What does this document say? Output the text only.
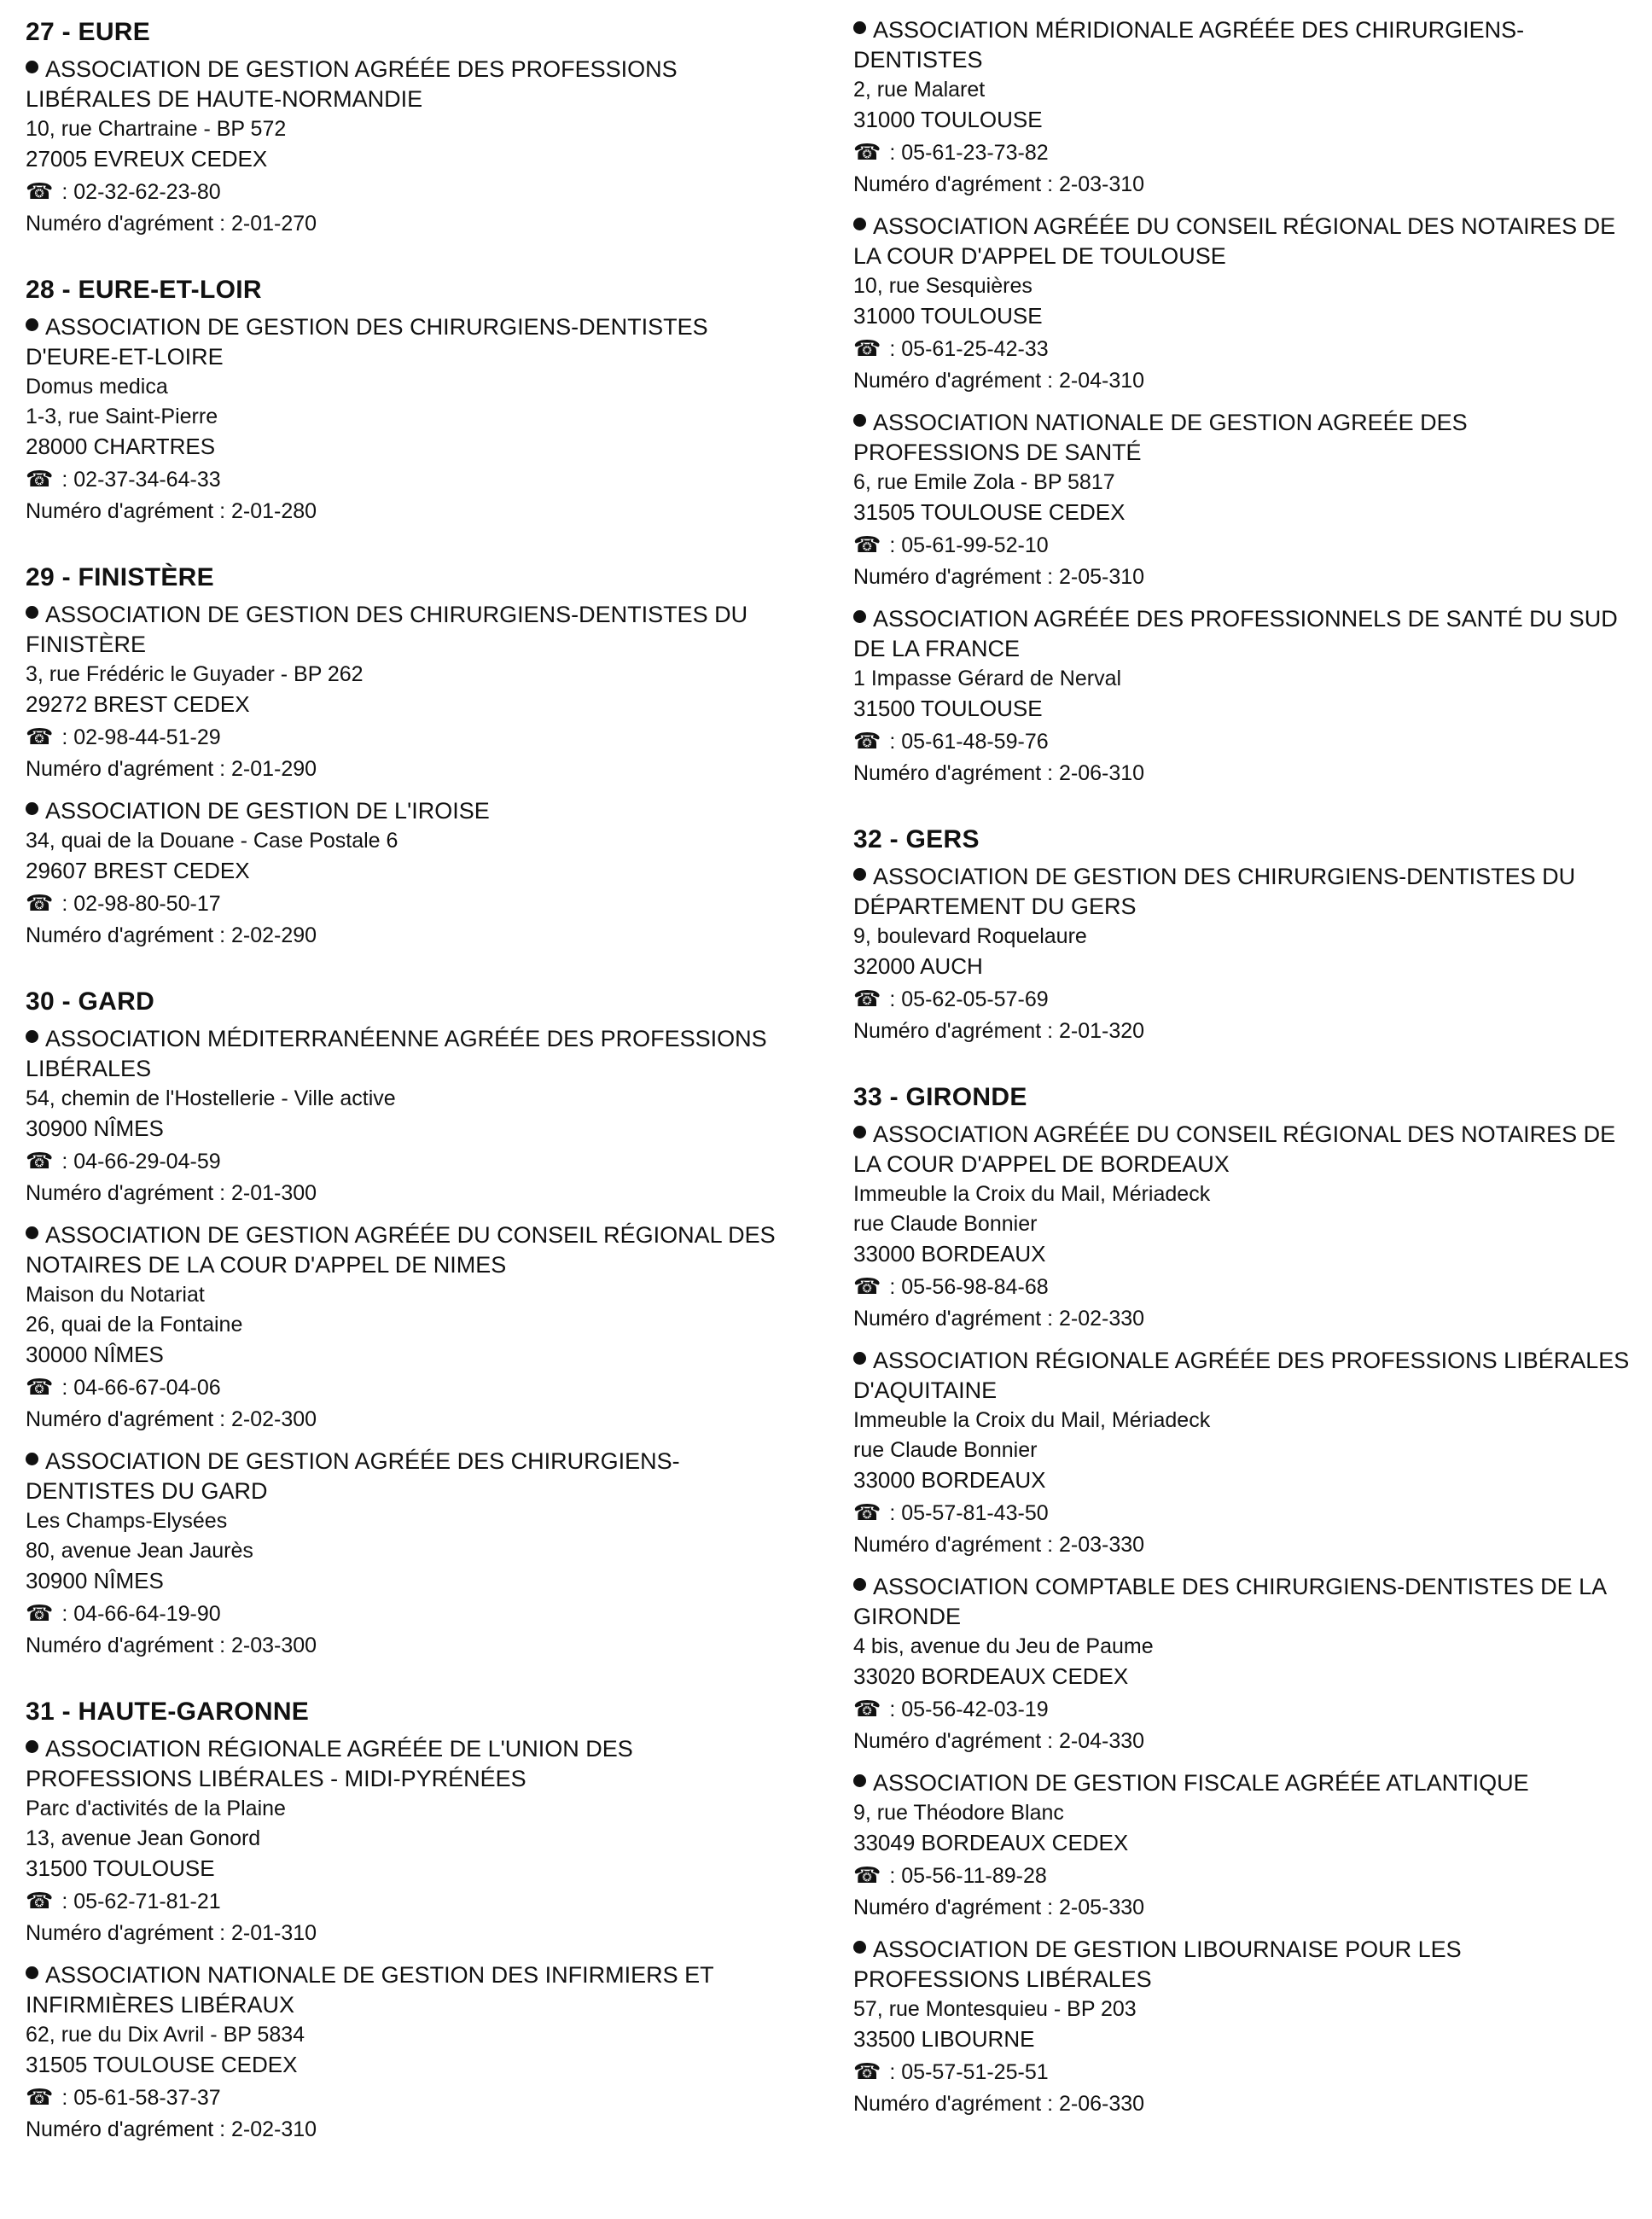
27 - EURE
ASSOCIATION DE GESTION AGRÉÉE DES PROFESSIONS LIBÉRALES DE HAUTE-NORMANDIE
10, rue Chartraine - BP 572
27005 EVREUX CEDEX
☎ : 02-32-62-23-80
Numéro d'agrément : 2-01-270
28 - EURE-ET-LOIR
ASSOCIATION DE GESTION DES CHIRURGIENS-DENTISTES D'EURE-ET-LOIRE
Domus medica
1-3, rue Saint-Pierre
28000 CHARTRES
☎ : 02-37-34-64-33
Numéro d'agrément : 2-01-280
29 - FINISTÈRE
ASSOCIATION DE GESTION DES CHIRURGIENS-DENTISTES DU FINISTÈRE
3, rue Frédéric le Guyader - BP 262
29272 BREST CEDEX
☎ : 02-98-44-51-29
Numéro d'agrément : 2-01-290
ASSOCIATION DE GESTION DE L'IROISE
34, quai de la Douane - Case Postale 6
29607 BREST CEDEX
☎ : 02-98-80-50-17
Numéro d'agrément : 2-02-290
30 - GARD
ASSOCIATION MÉDITERRANÉENNE AGRÉÉE DES PROFESSIONS LIBÉRALES
54, chemin de l'Hostellerie - Ville active
30900 NÎMES
☎ : 04-66-29-04-59
Numéro d'agrément : 2-01-300
ASSOCIATION DE GESTION AGRÉÉE DU CONSEIL RÉGIONAL DES NOTAIRES DE LA COUR D'APPEL DE NIMES
Maison du Notariat
26, quai de la Fontaine
30000 NÎMES
☎ : 04-66-67-04-06
Numéro d'agrément : 2-02-300
ASSOCIATION DE GESTION AGRÉÉE DES CHIRURGIENS-DENTISTES DU GARD
Les Champs-Elysées
80, avenue Jean Jaurès
30900 NÎMES
☎ : 04-66-64-19-90
Numéro d'agrément : 2-03-300
31 - HAUTE-GARONNE
ASSOCIATION RÉGIONALE AGRÉÉE DE L'UNION DES PROFESSIONS LIBÉRALES - MIDI-PYRÉNÉES
Parc d'activités de la Plaine
13, avenue Jean Gonord
31500 TOULOUSE
☎ : 05-62-71-81-21
Numéro d'agrément : 2-01-310
ASSOCIATION NATIONALE DE GESTION DES INFIRMIERS ET INFIRMIÈRES LIBÉRAUX
62, rue du Dix Avril - BP 5834
31505 TOULOUSE CEDEX
☎ : 05-61-58-37-37
Numéro d'agrément : 2-02-310
ASSOCIATION MÉRIDIONALE AGRÉÉE DES CHIRURGIENS-DENTISTES
2, rue Malaret
31000 TOULOUSE
☎ : 05-61-23-73-82
Numéro d'agrément : 2-03-310
ASSOCIATION AGRÉÉE DU CONSEIL RÉGIONAL DES NOTAIRES DE LA COUR D'APPEL DE TOULOUSE
10, rue Sesquières
31000 TOULOUSE
☎ : 05-61-25-42-33
Numéro d'agrément : 2-04-310
ASSOCIATION NATIONALE DE GESTION AGREÉE DES PROFESSIONS DE SANTÉ
6, rue Emile Zola - BP 5817
31505 TOULOUSE CEDEX
☎ : 05-61-99-52-10
Numéro d'agrément : 2-05-310
ASSOCIATION AGRÉÉE DES PROFESSIONNELS DE SANTÉ DU SUD DE LA FRANCE
1 Impasse Gérard de Nerval
31500 TOULOUSE
☎ : 05-61-48-59-76
Numéro d'agrément : 2-06-310
32 - GERS
ASSOCIATION DE GESTION DES CHIRURGIENS-DENTISTES DU DÉPARTEMENT DU GERS
9, boulevard Roquelaure
32000 AUCH
☎ : 05-62-05-57-69
Numéro d'agrément : 2-01-320
33 - GIRONDE
ASSOCIATION AGRÉÉE DU CONSEIL RÉGIONAL DES NOTAIRES DE LA COUR D'APPEL DE BORDEAUX
Immeuble la Croix du Mail, Mériadeck
rue Claude Bonnier
33000 BORDEAUX
☎ : 05-56-98-84-68
Numéro d'agrément : 2-02-330
ASSOCIATION RÉGIONALE AGRÉÉE DES PROFESSIONS LIBÉRALES D'AQUITAINE
Immeuble la Croix du Mail, Mériadeck
rue Claude Bonnier
33000 BORDEAUX
☎ : 05-57-81-43-50
Numéro d'agrément : 2-03-330
ASSOCIATION COMPTABLE DES CHIRURGIENS-DENTISTES DE LA GIRONDE
4 bis, avenue du Jeu de Paume
33020 BORDEAUX CEDEX
☎ : 05-56-42-03-19
Numéro d'agrément : 2-04-330
ASSOCIATION DE GESTION FISCALE AGRÉÉE ATLANTIQUE
9, rue Théodore Blanc
33049 BORDEAUX CEDEX
☎ : 05-56-11-89-28
Numéro d'agrément : 2-05-330
ASSOCIATION DE GESTION LIBOURNAISE POUR LES PROFESSIONS LIBÉRALES
57, rue Montesquieu - BP 203
33500 LIBOURNE
☎ : 05-57-51-25-51
Numéro d'agrément : 2-06-330
